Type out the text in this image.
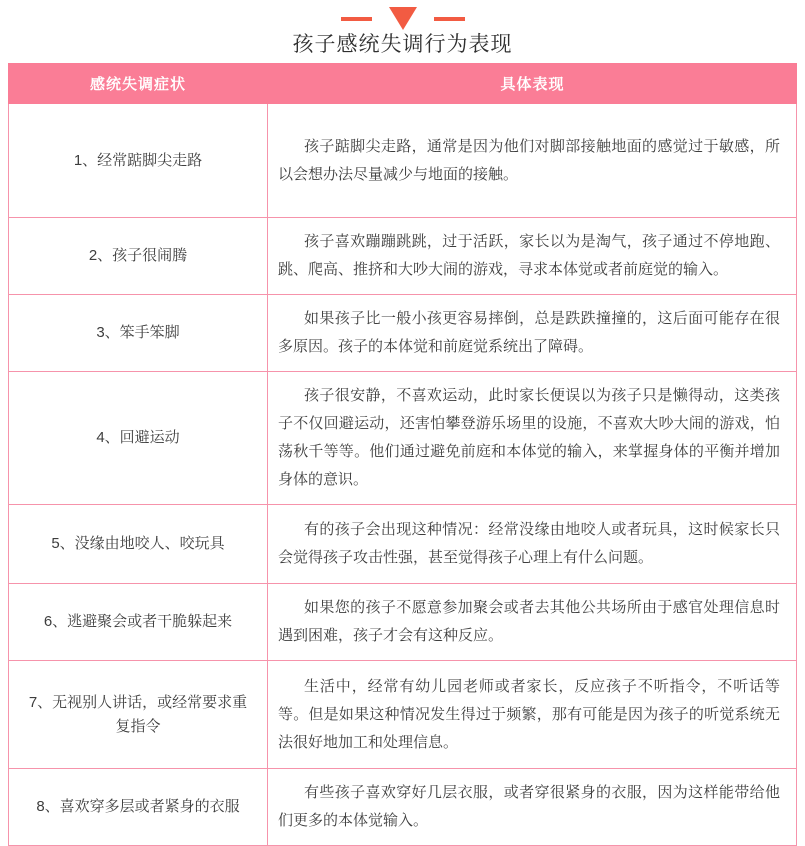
孩子感统失调行为表现
感统失调症状	具体表现
1、经常踮脚尖走路

孩子踮脚尖走路，通常是因为他们对脚部接触地面的感觉过于敏感，所以会想办法尽量减少与地面的接触。

2、孩子很闹腾

孩子喜欢蹦蹦跳跳，过于活跃，家长以为是淘气，孩子通过不停地跑、跳、爬高、推挤和大吵大闹的游戏，寻求本体觉或者前庭觉的输入。

3、笨手笨脚

如果孩子比一般小孩更容易摔倒，总是跌跌撞撞的，这后面可能存在很多原因。孩子的本体觉和前庭觉系统出了障碍。

4、回避运动

孩子很安静，不喜欢运动，此时家长便误以为孩子只是懒得动，这类孩子不仅回避运动，还害怕攀登游乐场里的设施，不喜欢大吵大闹的游戏，怕荡秋千等等。他们通过避免前庭和本体觉的输入，来掌握身体的平衡并增加身体的意识。

5、没缘由地咬人、咬玩具

有的孩子会出现这种情况：经常没缘由地咬人或者玩具，这时候家长只会觉得孩子攻击性强，甚至觉得孩子心理上有什么问题。

6、逃避聚会或者干脆躲起来

如果您的孩子不愿意参加聚会或者去其他公共场所由于感官处理信息时遇到困难，孩子才会有这种反应。

7、无视别人讲话，或经常要求重复指令

生活中，经常有幼儿园老师或者家长，反应孩子不听指令，不听话等等。但是如果这种情况发生得过于频繁，那有可能是因为孩子的听觉系统无法很好地加工和处理信息。

8、喜欢穿多层或者紧身的衣服

有些孩子喜欢穿好几层衣服，或者穿很紧身的衣服，因为这样能带给他们更多的本体觉输入。
